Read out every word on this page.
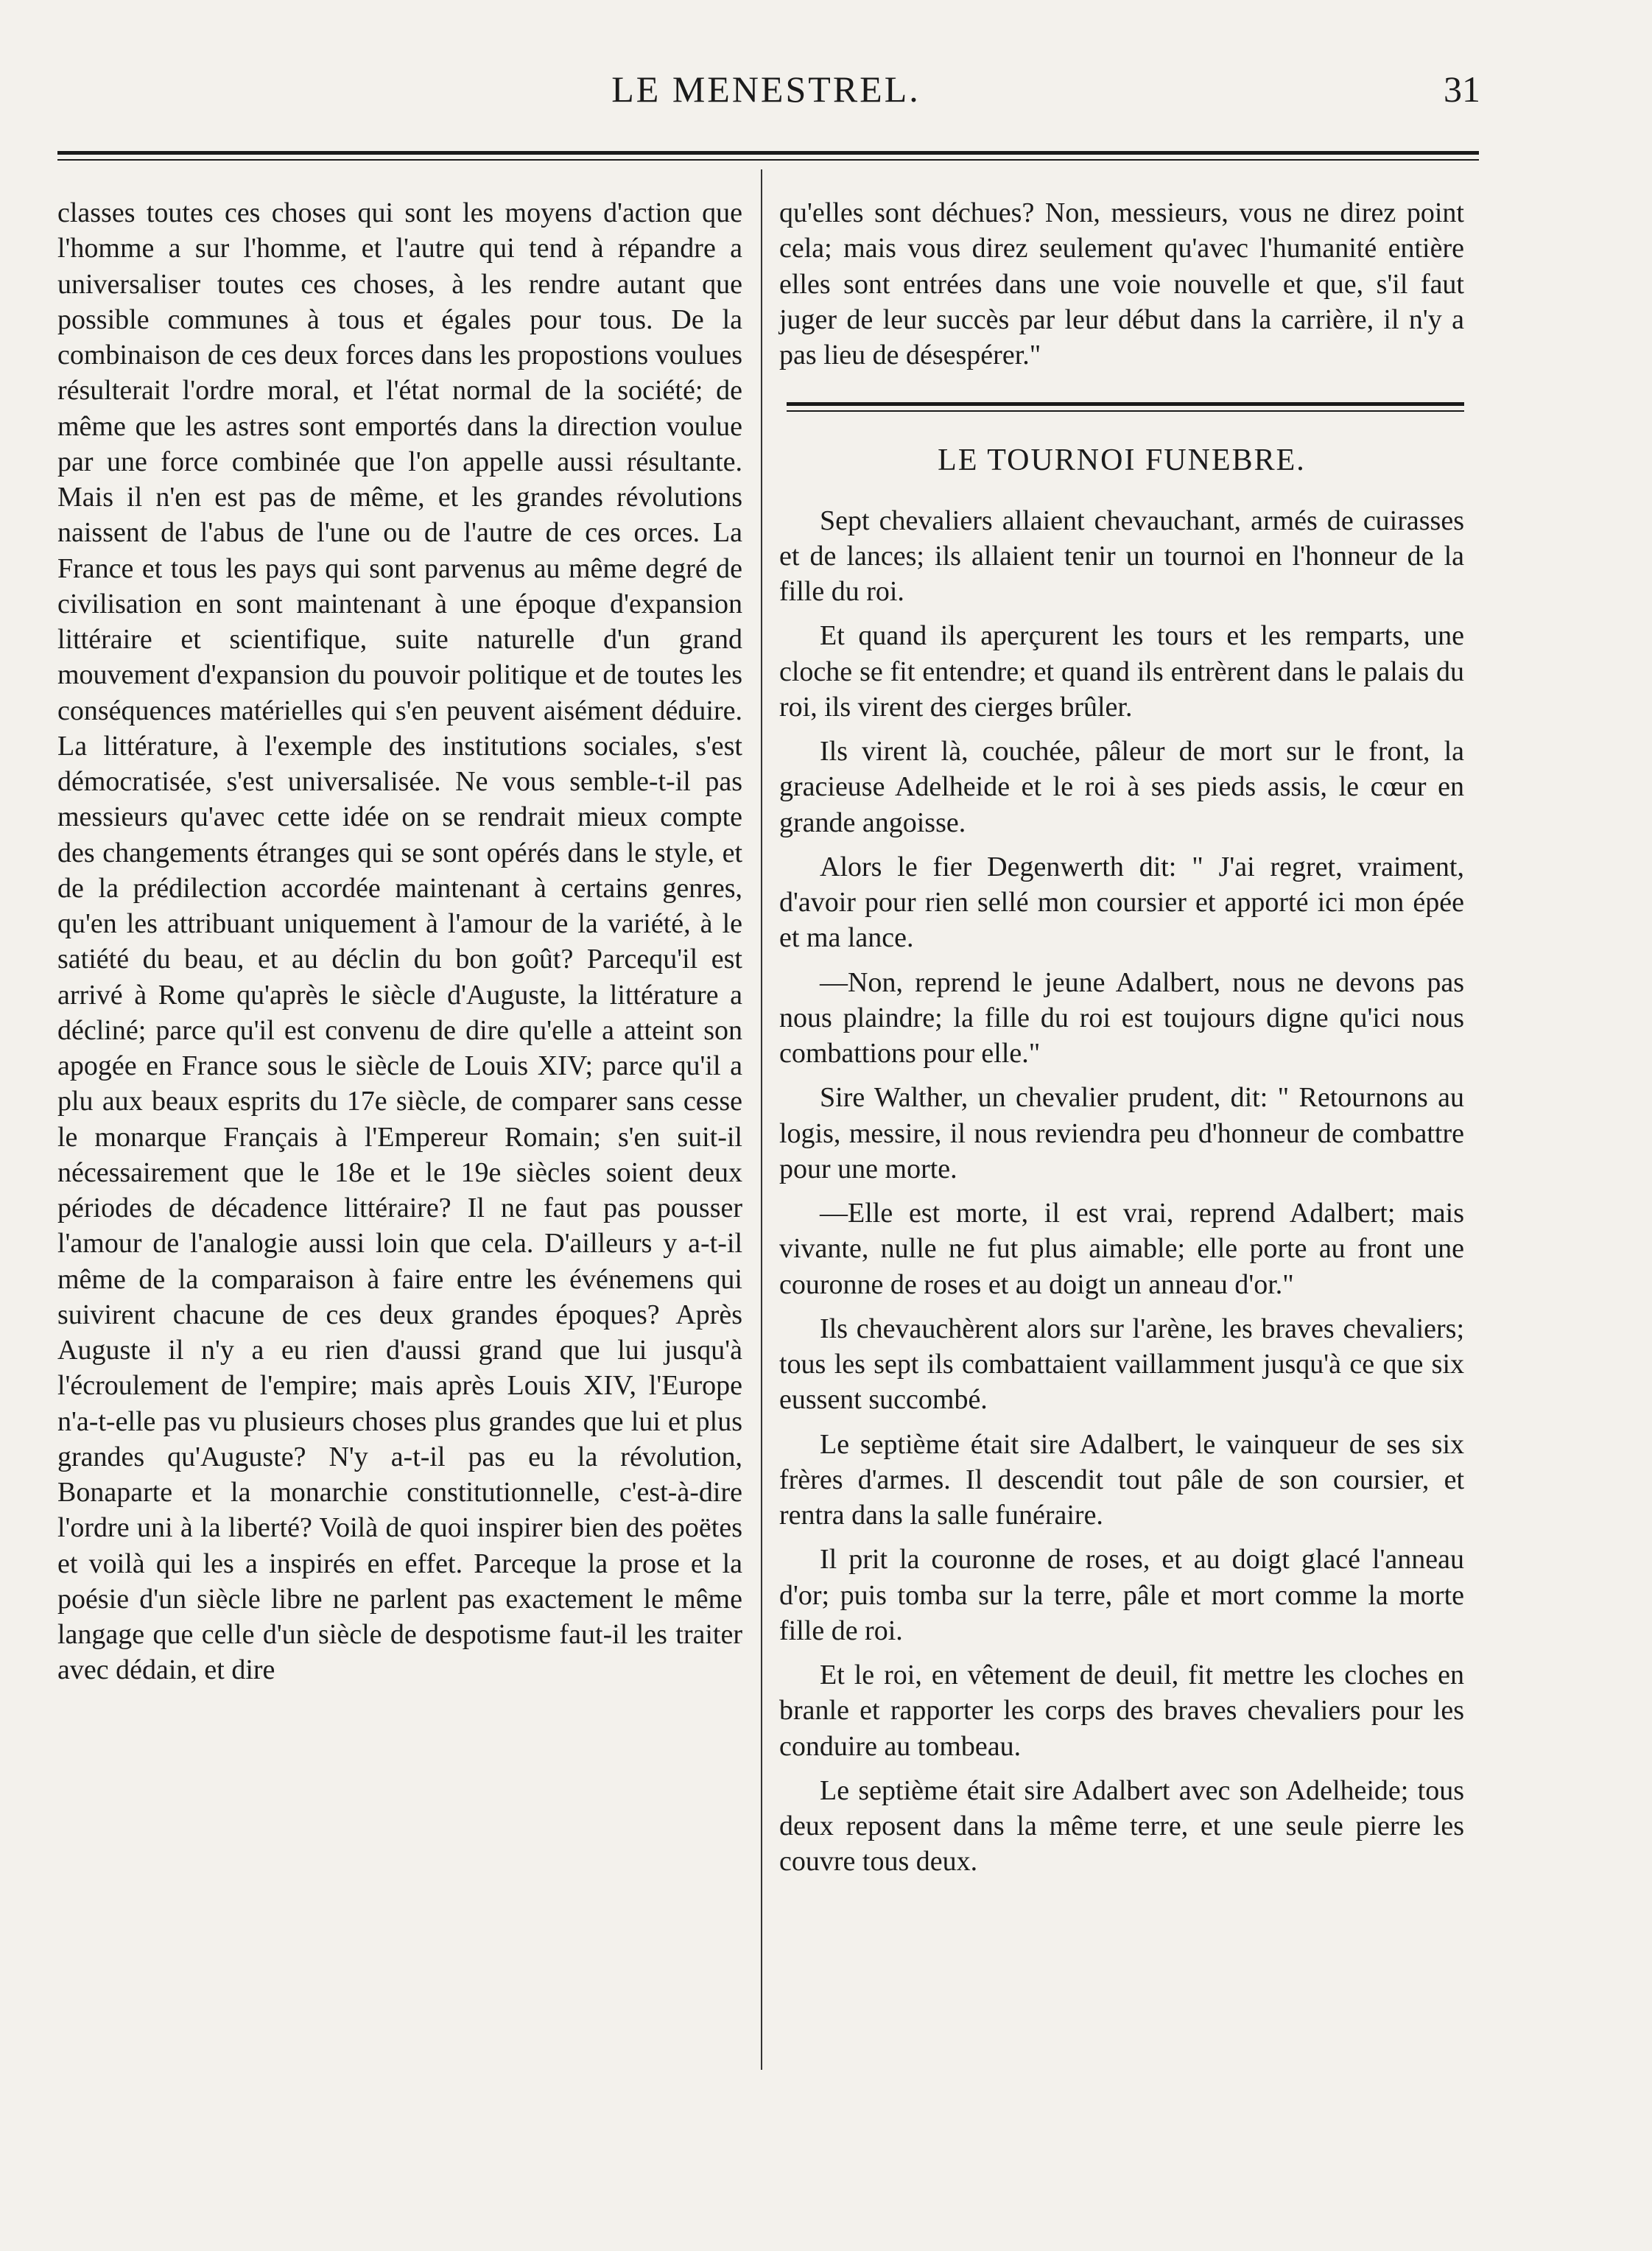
LE MENESTREL.	31

classes toutes ces choses qui sont les moyens d'action que l'homme a sur l'homme, et l'autre qui tend à répandre a universaliser toutes ces choses, à les rendre autant que possible communes à tous et égales pour tous. De la combinaison de ces deux forces dans les propostions voulues résulterait l'ordre moral, et l'état normal de la société; de même que les astres sont emportés dans la direction voulue par une force combinée que l'on appelle aussi résultante. Mais il n'en est pas de même, et les grandes révolutions naissent de l'abus de l'une ou de l'autre de ces orces. La France et tous les pays qui sont parvenus au même degré de civilisation en sont maintenant à une époque d'expansion littéraire et scientifique, suite naturelle d'un grand mouvement d'expansion du pouvoir politique et de toutes les conséquences matérielles qui s'en peuvent aisément déduire. La littérature, à l'exemple des institutions sociales, s'est démocratisée, s'est universalisée. Ne vous semble-t-il pas messieurs qu'avec cette idée on se rendrait mieux compte des changements étranges qui se sont opérés dans le style, et de la prédilection accordée maintenant à certains genres, qu'en les attribuant uniquement à l'amour de la variété, à le satiété du beau, et au déclin du bon goût? Parcequ'il est arrivé à Rome qu'après le siècle d'Auguste, la littérature a décliné; parce qu'il est convenu de dire qu'elle a atteint son apogée en France sous le siècle de Louis XIV; parce qu'il a plu aux beaux esprits du 17e siècle, de comparer sans cesse le monarque Français à l'Empereur Romain; s'en suit-il nécessairement que le 18e et le 19e siècles soient deux périodes de décadence littéraire? Il ne faut pas pousser l'amour de l'analogie aussi loin que cela. D'ailleurs y a-t-il même de la comparaison à faire entre les événemens qui suivirent chacune de ces deux grandes époques? Après Auguste il n'y a eu rien d'aussi grand que lui jusqu'à l'écroulement de l'empire; mais après Louis XIV, l'Europe n'a-t-elle pas vu plusieurs choses plus grandes que lui et plus grandes qu'Auguste? N'y a-t-il pas eu la révolution, Bonaparte et la monarchie constitutionnelle, c'est-à-dire l'ordre uni à la liberté? Voilà de quoi inspirer bien des poëtes et voilà qui les a inspirés en effet. Parceque la prose et la poésie d'un siècle libre ne parlent pas exactement le même langage que celle d'un siècle de despotisme faut-il les traiter avec dédain, et dire

qu'elles sont déchues? Non, messieurs, vous ne direz point cela; mais vous direz seulement qu'avec l'humanité entière elles sont entrées dans une voie nouvelle et que, s'il faut juger de leur succès par leur début dans la carrière, il n'y a pas lieu de désespérer."

LE TOURNOI FUNEBRE.

Sept chevaliers allaient chevauchant, armés de cuirasses et de lances; ils allaient tenir un tournoi en l'honneur de la fille du roi.

Et quand ils aperçurent les tours et les remparts, une cloche se fit entendre; et quand ils entrèrent dans le palais du roi, ils virent des cierges brûler.

Ils virent là, couchée, pâleur de mort sur le front, la gracieuse Adelheide et le roi à ses pieds assis, le cœur en grande angoisse.

Alors le fier Degenwerth dit: " J'ai regret, vraiment, d'avoir pour rien sellé mon coursier et apporté ici mon épée et ma lance.

—Non, reprend le jeune Adalbert, nous ne devons pas nous plaindre; la fille du roi est toujours digne qu'ici nous combattions pour elle."

Sire Walther, un chevalier prudent, dit: " Retournons au logis, messire, il nous reviendra peu d'honneur de combattre pour une morte.

—Elle est morte, il est vrai, reprend Adalbert; mais vivante, nulle ne fut plus aimable; elle porte au front une couronne de roses et au doigt un anneau d'or."

Ils chevauchèrent alors sur l'arène, les braves chevaliers; tous les sept ils combattaient vaillamment jusqu'à ce que six eussent succombé.

Le septième était sire Adalbert, le vainqueur de ses six frères d'armes. Il descendit tout pâle de son coursier, et rentra dans la salle funéraire.

Il prit la couronne de roses, et au doigt glacé l'anneau d'or; puis tomba sur la terre, pâle et mort comme la morte fille de roi.

Et le roi, en vêtement de deuil, fit mettre les cloches en branle et rapporter les corps des braves chevaliers pour les conduire au tombeau.

Le septième était sire Adalbert avec son Adelheide; tous deux reposent dans la même terre, et une seule pierre les couvre tous deux.
